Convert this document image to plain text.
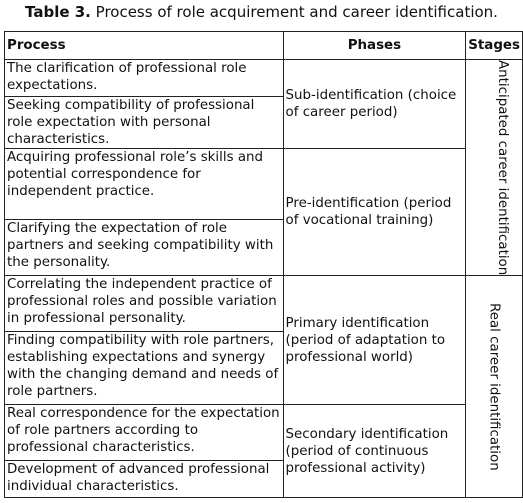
Table 3. Process of role acquirement and career identification.
Process	Phases	Stages
The clarification of professional role expectations.	Sub-identification (choice of career period)	Anticipated career identification

Seeking compatibility of professional role expectation with personal characteristics.		
Acquiring professional role’s skills and potential correspondence for independent practice.	Pre-identification (period of vocational training)	
Clarifying the expectation of role partners and seeking compatibility with the personality.		
Correlating the independent practice of professional roles and possible variation in professional personality.	Primary identification (period of adaptation to professional world)	Real career identification

Finding compatibility with role partners, establishing expectations and synergy with the changing demand and needs of role partners.		
Real correspondence for the expectation of role partners according to professional characteristics.	Secondary identification (period of continuous professional activity)	
Development of advanced professional individual characteristics.		
